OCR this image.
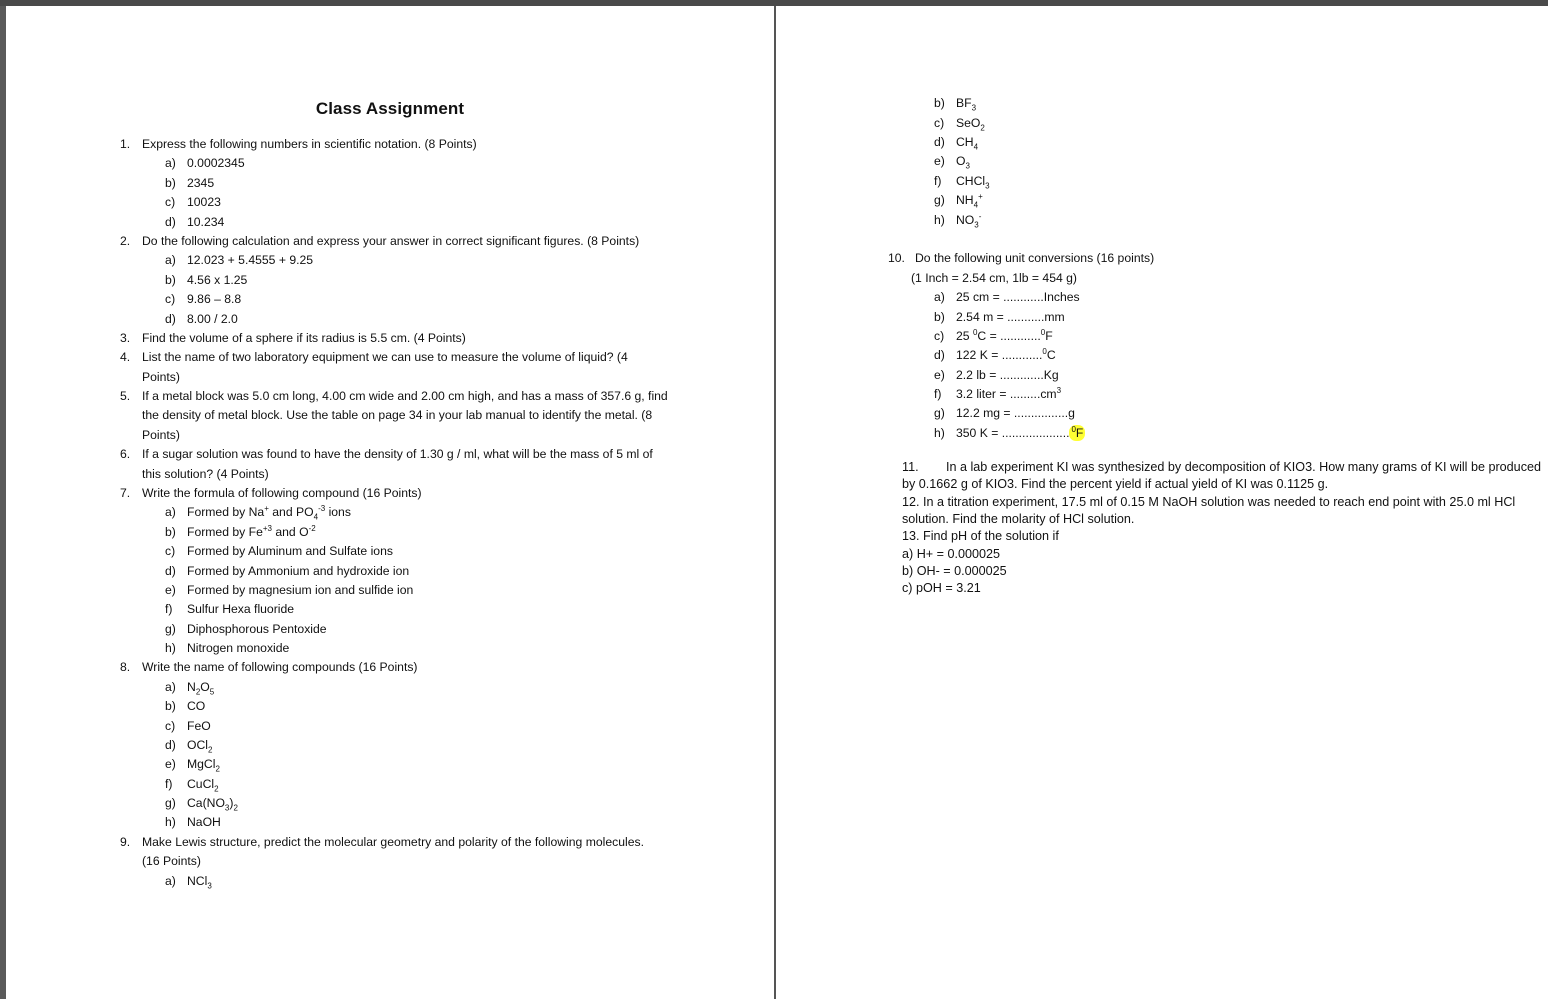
Class Assignment
1. Express the following numbers in scientific notation. (8 Points)
a) 0.0002345
b) 2345
c) 10023
d) 10.234
2. Do the following calculation and express your answer in correct significant figures. (8 Points)
a) 12.023 + 5.4555 + 9.25
b) 4.56 x 1.25
c) 9.86 – 8.8
d) 8.00 / 2.0
3. Find the volume of a sphere if its radius is 5.5 cm. (4 Points)
4. List the name of two laboratory equipment we can use to measure the volume of liquid? (4
Points)
5. If a metal block was 5.0 cm long, 4.00 cm wide and 2.00 cm high, and has a mass of 357.6 g, find
the density of metal block. Use the table on page 34 in your lab manual to identify the metal. (8
Points)
6. If a sugar solution was found to have the density of 1.30 g / ml, what will be the mass of 5 ml of
this solution? (4 Points)
7. Write the formula of following compound (16 Points)
a) Formed by Na+ and $PO_4^{-3}$ ions
b) Formed by $Fe^{+3}$ and $O^{-2}$
c) Formed by Aluminum and Sulfate ions
d) Formed by Ammonium and hydroxide ion
e) Formed by magnesium ion and sulfide ion
f) Sulfur Hexa fluoride
g) Diphosphorous Pentoxide
h) Nitrogen monoxide
8. Write the name of following compounds (16 Points)
a) $N_2O_5$
b) CO
c) FeO
d) OCl$_2$
e) MgCl$_2$
f) CuCl$_2$
g) $Ca(NO_3)_2$
h) NaOH
9. Make Lewis structure, predict the molecular geometry and polarity of the following molecules.
(16 Points)
a) NCl$_3$
b) $BF_3$
c) SeO$_2$
d) $CH_4$
e) $O_3$
f) CHCl$_3$
g) $NH_4^+$
h) $NO_3^-$
10. Do the following unit conversions (16 points)
(1 Inch = 2.54 cm, 1lb = 454 g)
a) 25 cm = ............Inches
b) 2.54 m = ...........mm
c) 25 $^0$C = ............$^0$F
d) 122 K = ............$^0$C
e) 2.2 lb = .............Kg
f) 3.2 liter = $.........cm^3$
g) 12.2 mg = ................g
h) 350 K = .................... $^0$F
11. In a lab experiment KI was synthesized by decomposition of KIO3. How many grams of KI will be produced
by 0.1662 g of KIO3. Find the percent yield if actual yield of KI was 0.1125 g.
12. In a titration experiment, 17.5 ml of 0.15 M NaOH solution was needed to reach end point with 25.0 ml HCl
solution. Find the molarity of HCl solution.
13. Find pH of the solution if
a) H+ = 0.000025
b) OH- = 0.000025
c) pOH = 3.21
